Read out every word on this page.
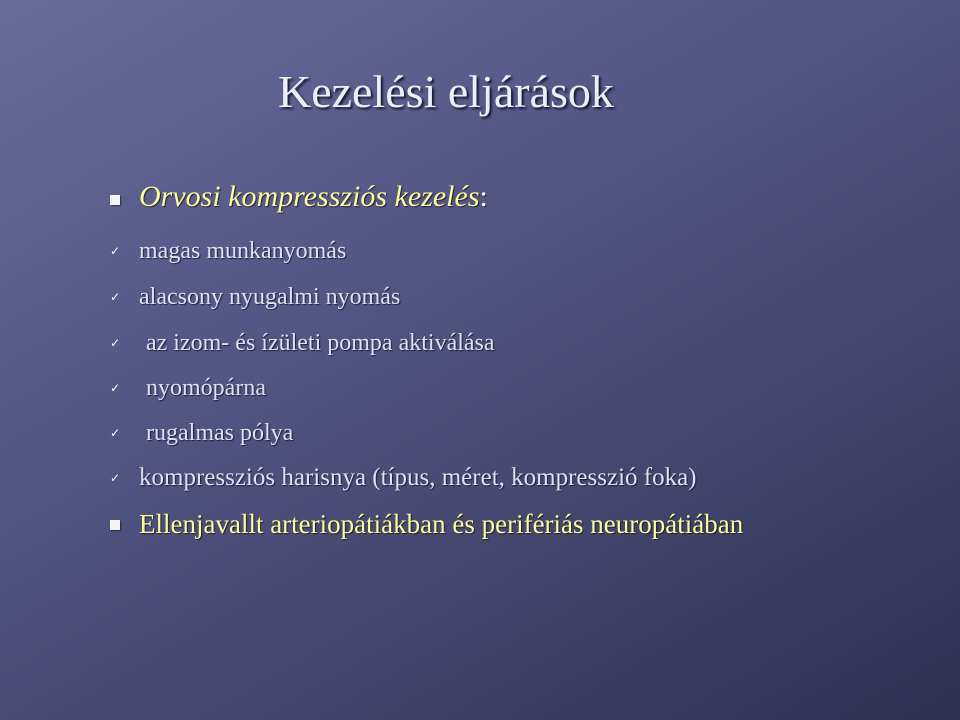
Kezelési eljárások
Orvosi kompressziós kezelés:
✓ magas munkanyomás
✓ alacsony nyugalmi nyomás
✓ az izom- és ízületi pompa aktiválása
✓ nyomópárna
✓ rugalmas pólya
✓ kompressziós harisnya (típus, méret, kompresszió foka)
Ellenjavallt arteriopátiákban és perifériás neuropátiában
